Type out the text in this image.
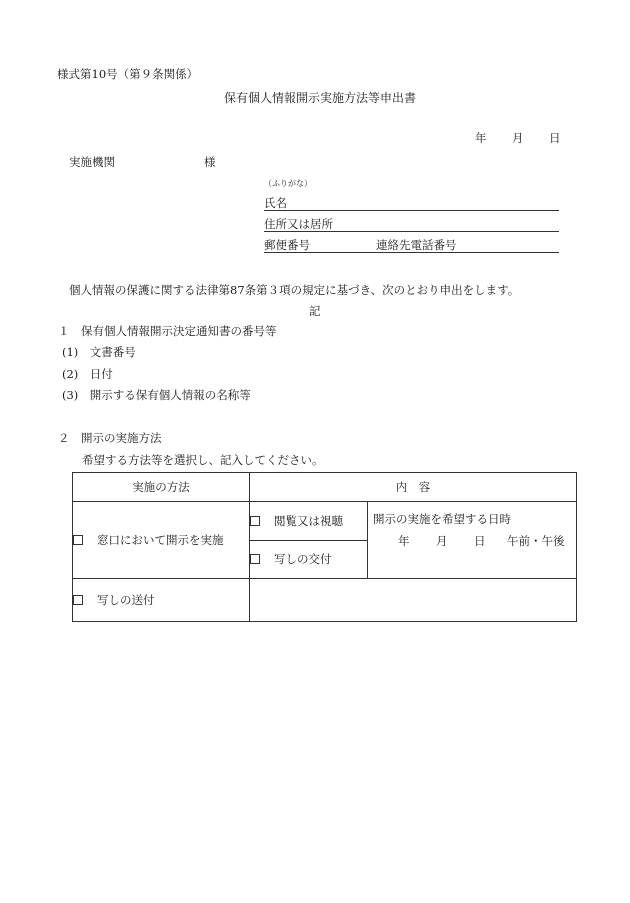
様式第10号（第９条関係）
保有個人情報開示実施方法等申出書
年 月 日
実施機関	様
（ふりがな）
氏名
住所又は居所
郵便番号	連絡先電話番号
個人情報の保護に関する法律第87条第３項の規定に基づき、次のとおり申出をします。
記
１　保有個人情報開示決定通知書の番号等
(1)　文書番号
(2)　日付
(3)　開示する保有個人情報の名称等
２　開示の実施方法
希望する方法等を選択し、記入してください。
実施の方法	内　容	
窓口において開示を実施	閲覧又は視聴	開示の実施を希望する日時
年 月 日 午前・午後

	写しの交付	
写しの送付		
